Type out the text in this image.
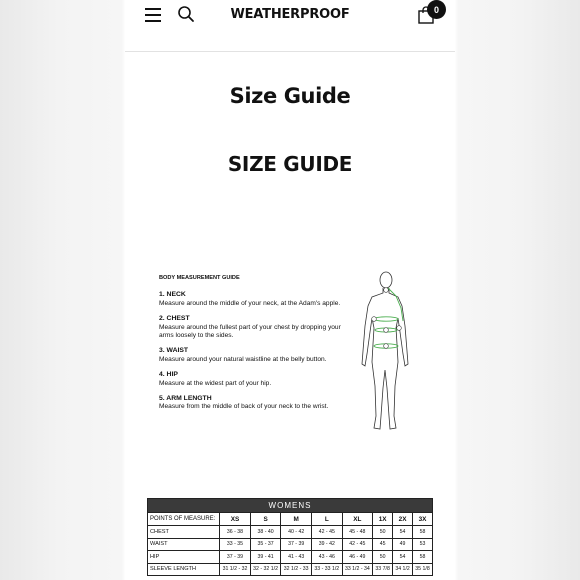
WEATHERPROOF	0
Size Guide
SIZE GUIDE
BODY MEASUREMENT GUIDE
1. NECK
Measure around the middle of your neck, at the Adam's apple.
2. CHEST
Measure around the fullest part of your chest by dropping your arms loosely to the sides.
3. WAIST
Measure around your natural waistline at the belly button.
4. HIP
Measure at the widest part of your hip.
5. ARM LENGTH
Measure from the middle of back of your neck to the wrist.
WOMENS								
POINTS OF MEASURE:	XS	S	M	L	XL	1X	2X	3X
CHEST	36 - 38	38 - 40	40 - 42	42 - 45	45 - 48	50	54	58
WAIST	33 - 35	35 - 37	37 - 39	39 - 42	42 - 45	45	49	53
HIP	37 - 39	39 - 41	41 - 43	43 - 46	46 - 49	50	54	58
SLEEVE LENGTH	31 1/2 - 32	32 - 32 1/2	32 1/2 - 33	33 - 33 1/2	33 1/2 - 34	33 7/8	34 1/2	35 1/8
